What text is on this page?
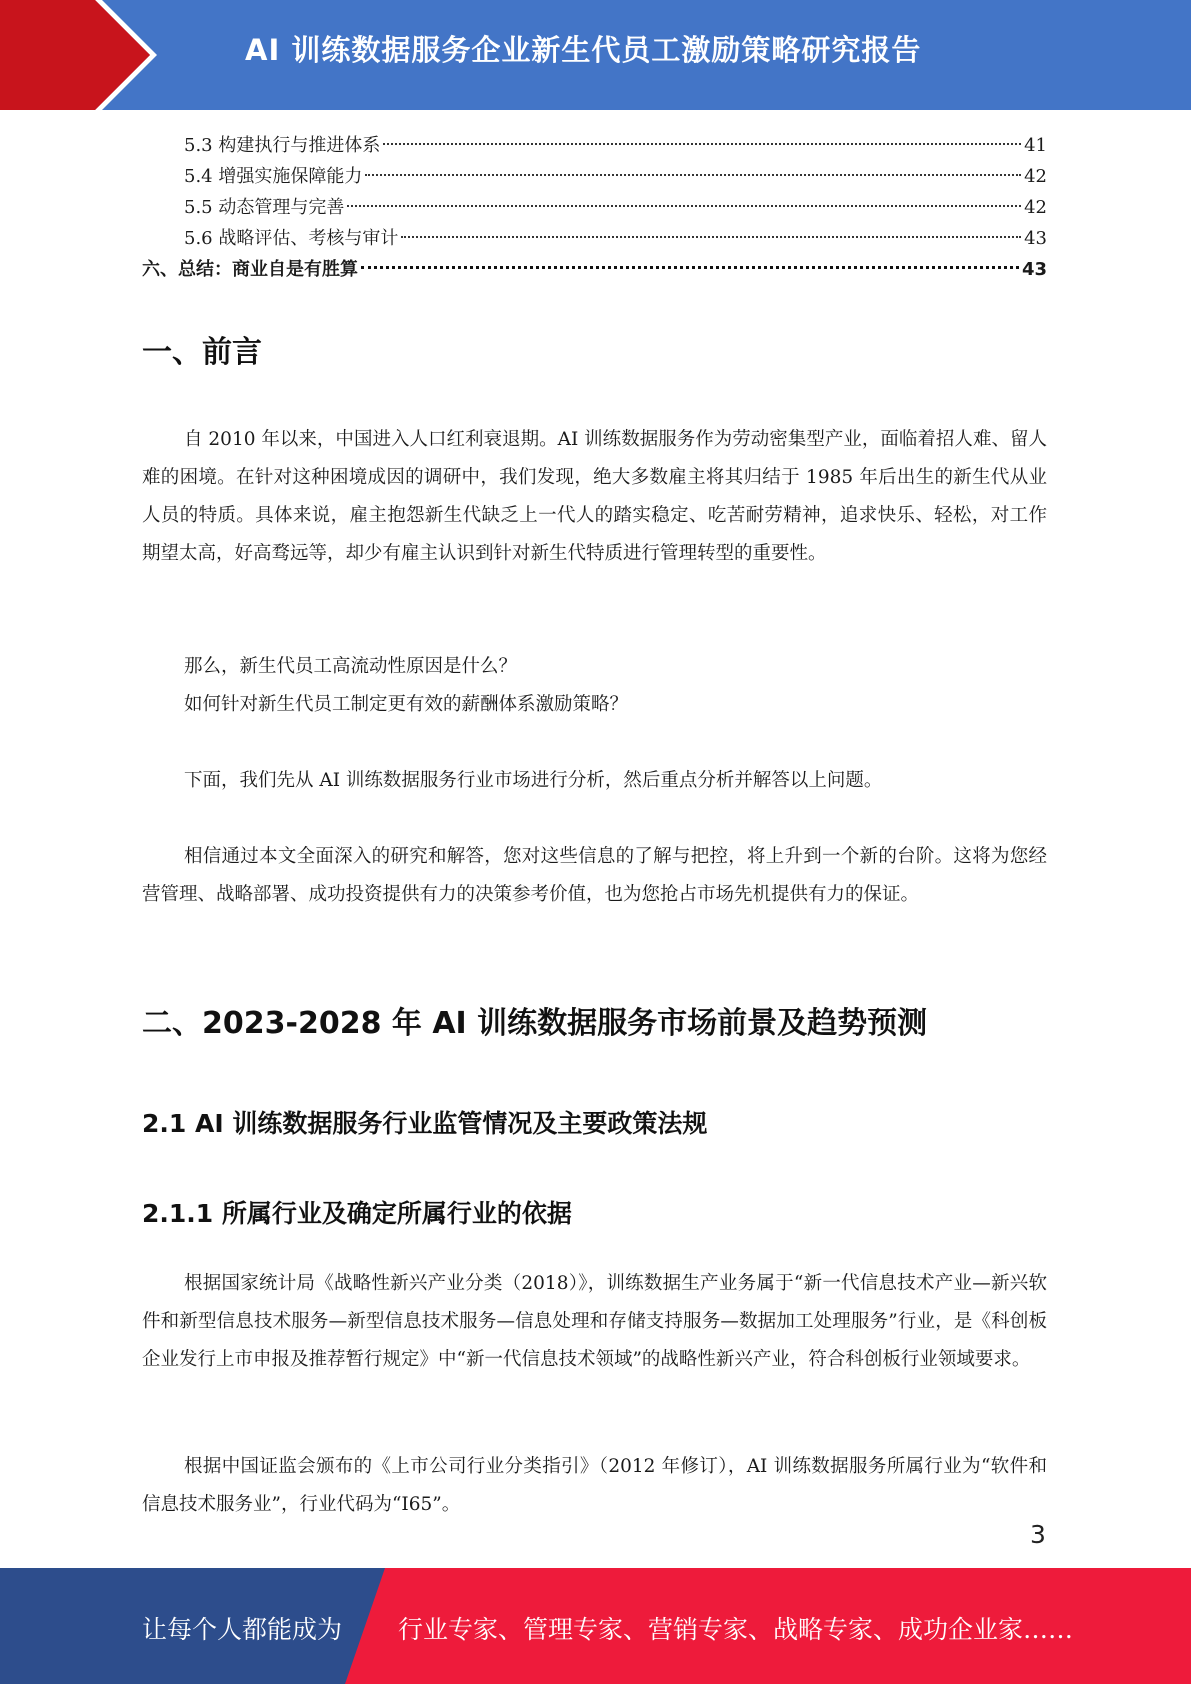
AI 训练数据服务企业新生代员工激励策略研究报告
5.3 构建执行与推进体系	41
5.4 增强实施保障能力	42
5.5 动态管理与完善	42
5.6 战略评估、考核与审计	43
六、总结：商业自是有胜算	43
一、前言
自 2010 年以来，中国进入人口红利衰退期。AI 训练数据服务作为劳动密集型产业，面临着招人难、留人难的困境。在针对这种困境成因的调研中，我们发现，绝大多数雇主将其归结于 1985 年后出生的新生代从业人员的特质。具体来说，雇主抱怨新生代缺乏上一代人的踏实稳定、吃苦耐劳精神，追求快乐、轻松，对工作期望太高，好高骛远等，却少有雇主认识到针对新生代特质进行管理转型的重要性。
那么，新生代员工高流动性原因是什么？
如何针对新生代员工制定更有效的薪酬体系激励策略？
下面，我们先从 AI 训练数据服务行业市场进行分析，然后重点分析并解答以上问题。
相信通过本文全面深入的研究和解答，您对这些信息的了解与把控，将上升到一个新的台阶。这将为您经营管理、战略部署、成功投资提供有力的决策参考价值，也为您抢占市场先机提供有力的保证。
二、2023-2028 年 AI 训练数据服务市场前景及趋势预测
2.1 AI 训练数据服务行业监管情况及主要政策法规
2.1.1 所属行业及确定所属行业的依据
根据国家统计局《战略性新兴产业分类（2018）》，训练数据生产业务属于“新一代信息技术产业—新兴软件和新型信息技术服务—新型信息技术服务—信息处理和存储支持服务—数据加工处理服务”行业，是《科创板企业发行上市申报及推荐暂行规定》中“新一代信息技术领域”的战略性新兴产业，符合科创板行业领域要求。
根据中国证监会颁布的《上市公司行业分类指引》（2012 年修订），AI 训练数据服务所属行业为“软件和信息技术服务业”，行业代码为“I65”。
3
让每个人都能成为 行业专家、管理专家、营销专家、战略专家、成功企业家……
